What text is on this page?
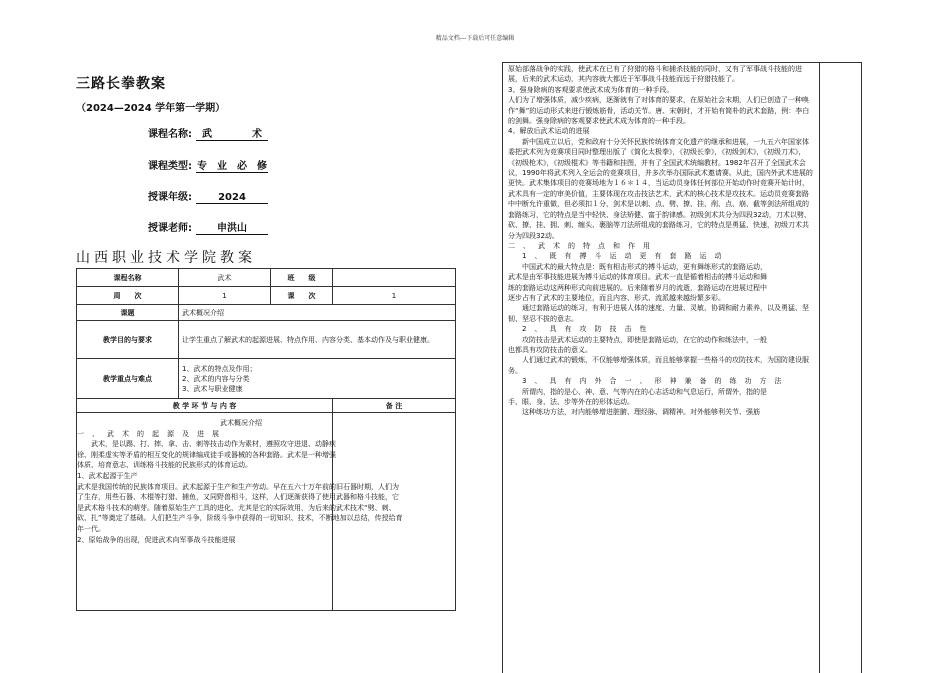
精品文档---下载后可任意编辑
三路长拳教案
（2024—2024 学年第一学期）
课程名称: 武　　　　术
课程类型: 专　业　必　修
授课年级:	2024
授课老师:	申洪山
山西职业技术学院教案
课程名称	武术	班　　级	
周　　次	1	课　　次	1
课题	武术概况介绍		
教学目的与要求	让学生重点了解武术的起源进展、特点作用、内容分类、基本动作及与职业健康。		
教学重点与难点	1、武术的特点及作用；
2、武术的内容与分类
3、武术与职业健康		

教 学 环 节 与 内 容			备 注

武术概况介绍

一、武术的起源及进展

武术，是以踢、打、摔、拿、击、刺等技击动作为素材，遵照攻守进退、动静疾

徐、刚柔虚实等矛盾的相互变化的规律编成徒手或器械的各种套路。武术是一种增强

体质、培育意志、训练格斗技能的民族形式的体育运动。

1、武术起源于生产

武术是我国传统的民族体育项目。武术起源于生产和生产劳动。早在五六十万年前的旧石器时期，人们为了生存，用些石器、木棍等打猎、捕鱼，又同野兽相斗，这样，人们逐渐获得了使用武器和格斗技能，它是武术格斗技术的萌芽。随着原始生产工具的进化，尤其是它的实际效用，为后来的武术技术“劈、刺、砍、扎”等奠定了基础。人们把生产斗争，阶级斗争中获得的一切知识、技术，不断地加以总结，传授给育年一代。

2、原始战争的出现，促进武术向军事战斗技能进展

原始部落战争的实践，使武术在已有了狩猎的格斗和捕杀技能的同时，又有了军事战斗技能的进展，后来的武术运动，其内容就大都近于军事战斗技能而远于狩猎技能了。

3、强身除病的客观要求使武术成为体育的一种手段。

人们为了增强体质，减少疾病，逐渐就有了对体育的要求，在原始社会末期，人们已创造了一种唤作“舞”的运动形式来进行锻炼筋骨，活动关节。唐、宋朝时，才开始有简朴的武术套路，例：李白的剑舞。强身除病的客观要求使武术成为体育的一种手段。

4、解放后武术运动的进展

新中国成立以后，党和政府十分关怀民族传统体育文化遗产的继承和进展，一九五六年国家体委把武术列为竞赛项目同时整理出版了《简化太极拳》，《初级长拳》，《初级剑术》，《初级刀术》，《初级枪术》，《初级棍术》等书籍和挂图，并有了全国武术统编教材。1982年召开了全国武术会议，1990年将武术列入全运会的竞赛项目，并多次举办国际武术邀请赛。从此，国内外武术进展的更快。武术集体项目的竞赛场地为１６＊１４，当运动员身体任何部位开始动作时竞赛开始计时，武术具有一定的审美价值，主要体现在攻击技法艺术，武术的核心技术是攻技术。运动员竞赛套路中中断允许重做，但必须扣１分，剑术是以刺、点、劈、撩、挂、削、点、崩、截等剑法所组成的套路练习，它的特点是当中轻快、身法矫健、富于韵律感。初级剑术共分为四段32动，刀术以劈、砍、撩、挂、拥、刺、缠头、裹脑等刀法所组成的套路练习，它的特点是勇猛、快速，初级刀术共分为四段32动。

二、武术的特点和作用

1、既有搏斗运动更有套路运动

中国武术的最大特点是：既有相击形式的搏斗运动，更有舞练形式的套路运动，

武术是由军事技能进展为搏斗运动的体育项目。武术一直是循着相击的搏斗运动和舞

练的套路运动这两种形式向前进展的。后来随着岁月的流逝，套路运动在进展过程中

逐步占有了武术的主要地位，而且内容、形式、流派越来越纷繁多彩。

通过套路运动的练习，有利于进展人体的速度、力量、灵敏、协调和耐力素养，以及勇猛、坚韧、坚忍不拔的意志。

2、具有攻防技击性

攻防技击是武术运动的主要特点，即使是套路运动，在它的动作和练法中，一般

也都具有攻防技击的意义。

人们通过武术的锻炼，不仅能够增强体质，而且能够掌握一些格斗的攻防技术，为国防建设服务。

3、具有内外合一、形神兼备的练功方法

所谓内，指的是心、神、意、气等内在的心志活动和气息运行，所谓外，指的是

手、眼、身、法、步等外在的形体运动。

这种练功方法，对内能够增进脏腑、理经脉、调精神。对外能够利关节、强筋
